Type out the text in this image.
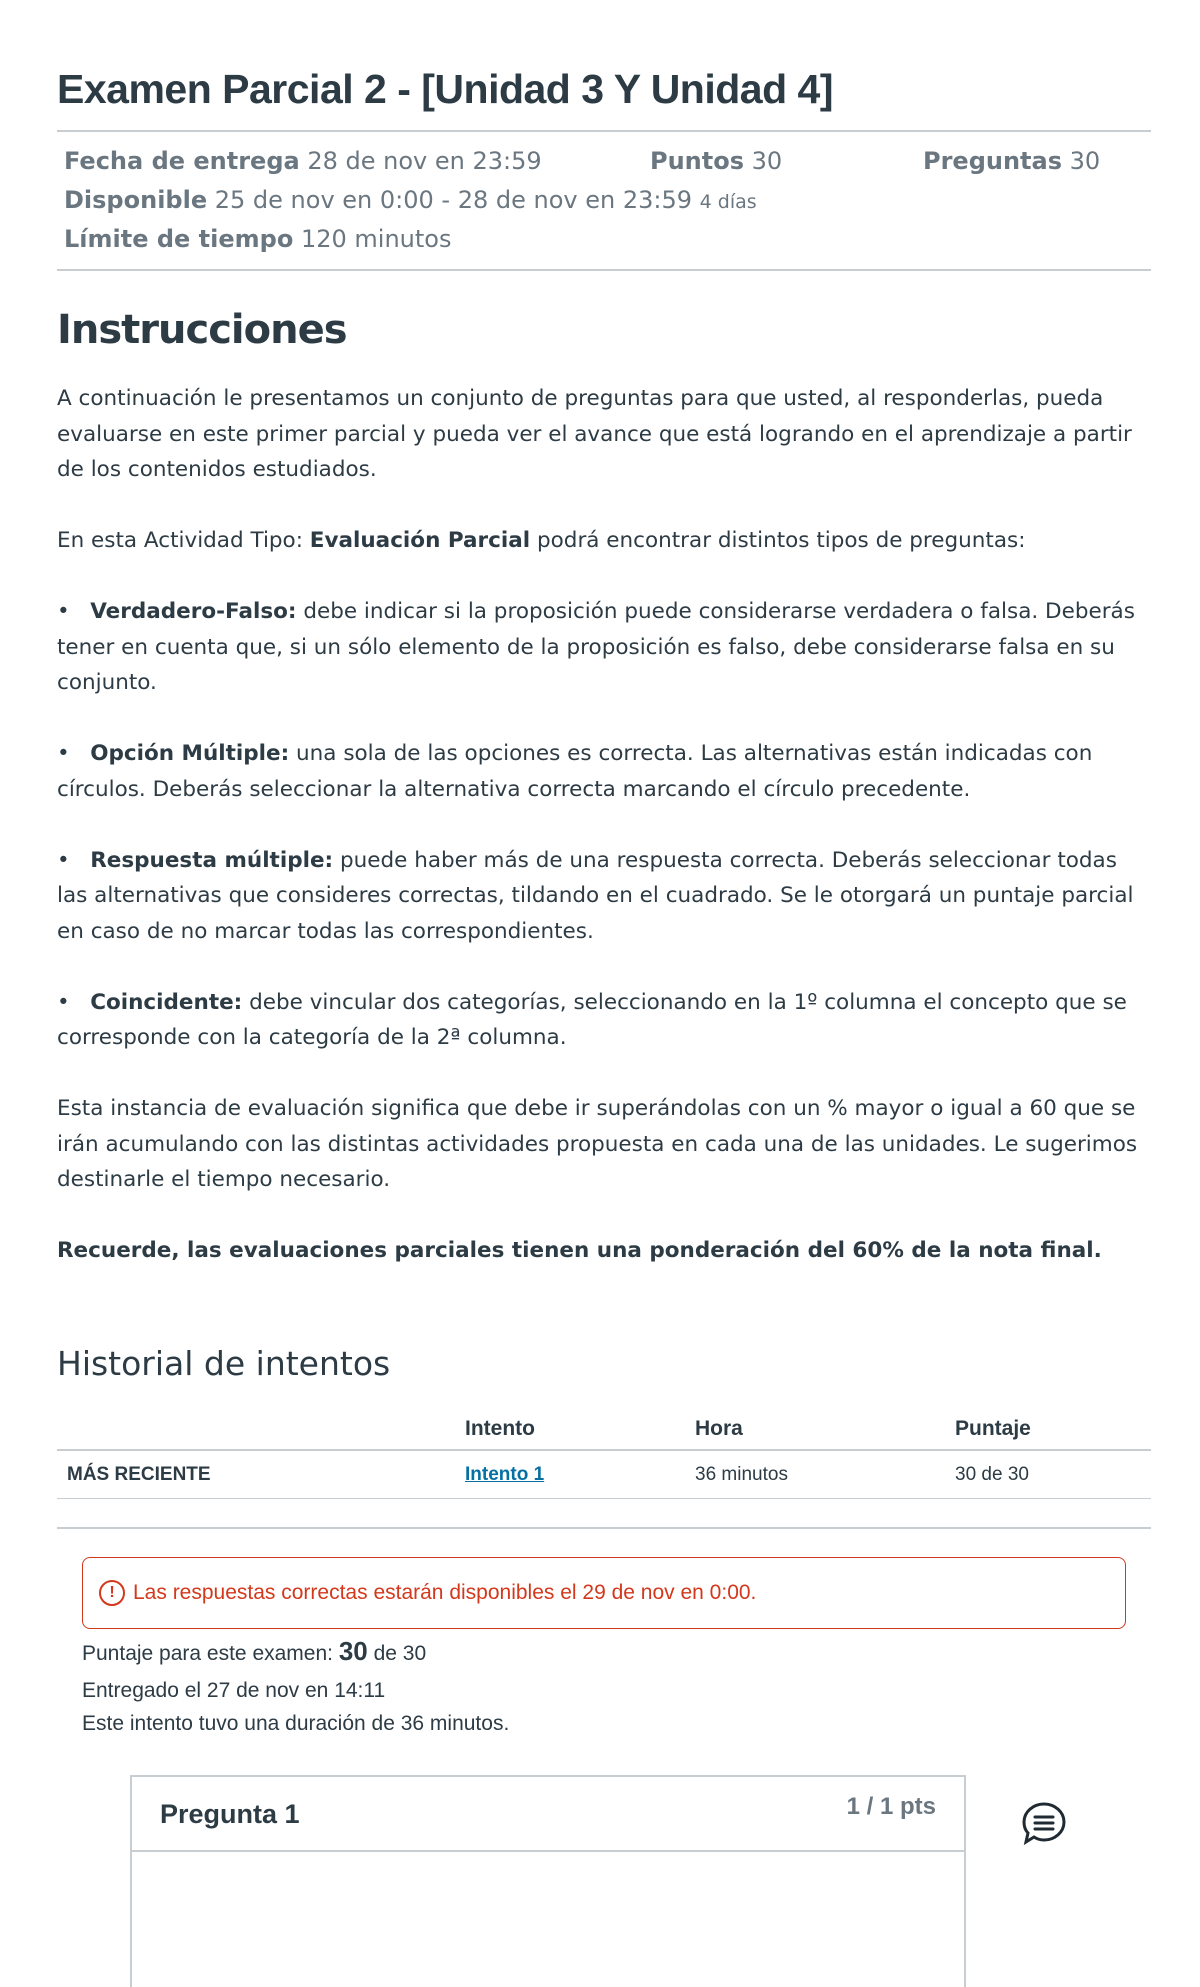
Examen Parcial 2 - [Unidad 3 Y Unidad 4]
Fecha de entrega 28 de nov en 23:59	Puntos 30	Preguntas 30
Disponible 25 de nov en 0:00 - 28 de nov en 23:59 4 días
Límite de tiempo 120 minutos
Instrucciones

A continuación le presentamos un conjunto de preguntas para que usted, al responderlas, pueda evaluarse en este primer parcial y pueda ver el avance que está logrando en el aprendizaje a partir de los contenidos estudiados.

En esta Actividad Tipo: Evaluación Parcial podrá encontrar distintos tipos de preguntas:

• Verdadero-Falso: debe indicar si la proposición puede considerarse verdadera o falsa. Deberás tener en cuenta que, si un sólo elemento de la proposición es falso, debe considerarse falsa en su conjunto.

• Opción Múltiple: una sola de las opciones es correcta. Las alternativas están indicadas con círculos. Deberás seleccionar la alternativa correcta marcando el círculo precedente.

• Respuesta múltiple: puede haber más de una respuesta correcta. Deberás seleccionar todas las alternativas que consideres correctas, tildando en el cuadrado. Se le otorgará un puntaje parcial en caso de no marcar todas las correspondientes.

• Coincidente: debe vincular dos categorías, seleccionando en la 1º columna el concepto que se corresponde con la categoría de la 2ª columna.

Esta instancia de evaluación significa que debe ir superándolas con un % mayor o igual a 60 que se irán acumulando con las distintas actividades propuesta en cada una de las unidades. Le sugerimos destinarle el tiempo necesario.

Recuerde, las evaluaciones parciales tienen una ponderación del 60% de la nota final.

Historial de intentos
	Intento	Hora	Puntaje
MÁS RECIENTE	Intento 1	36 minutos	30 de 30
! Las respuestas correctas estarán disponibles el 29 de nov en 0:00.
Puntaje para este examen: 30 de 30
Entregado el 27 de nov en 14:11
Este intento tuvo una duración de 36 minutos.
Pregunta 1	1 / 1 pts
